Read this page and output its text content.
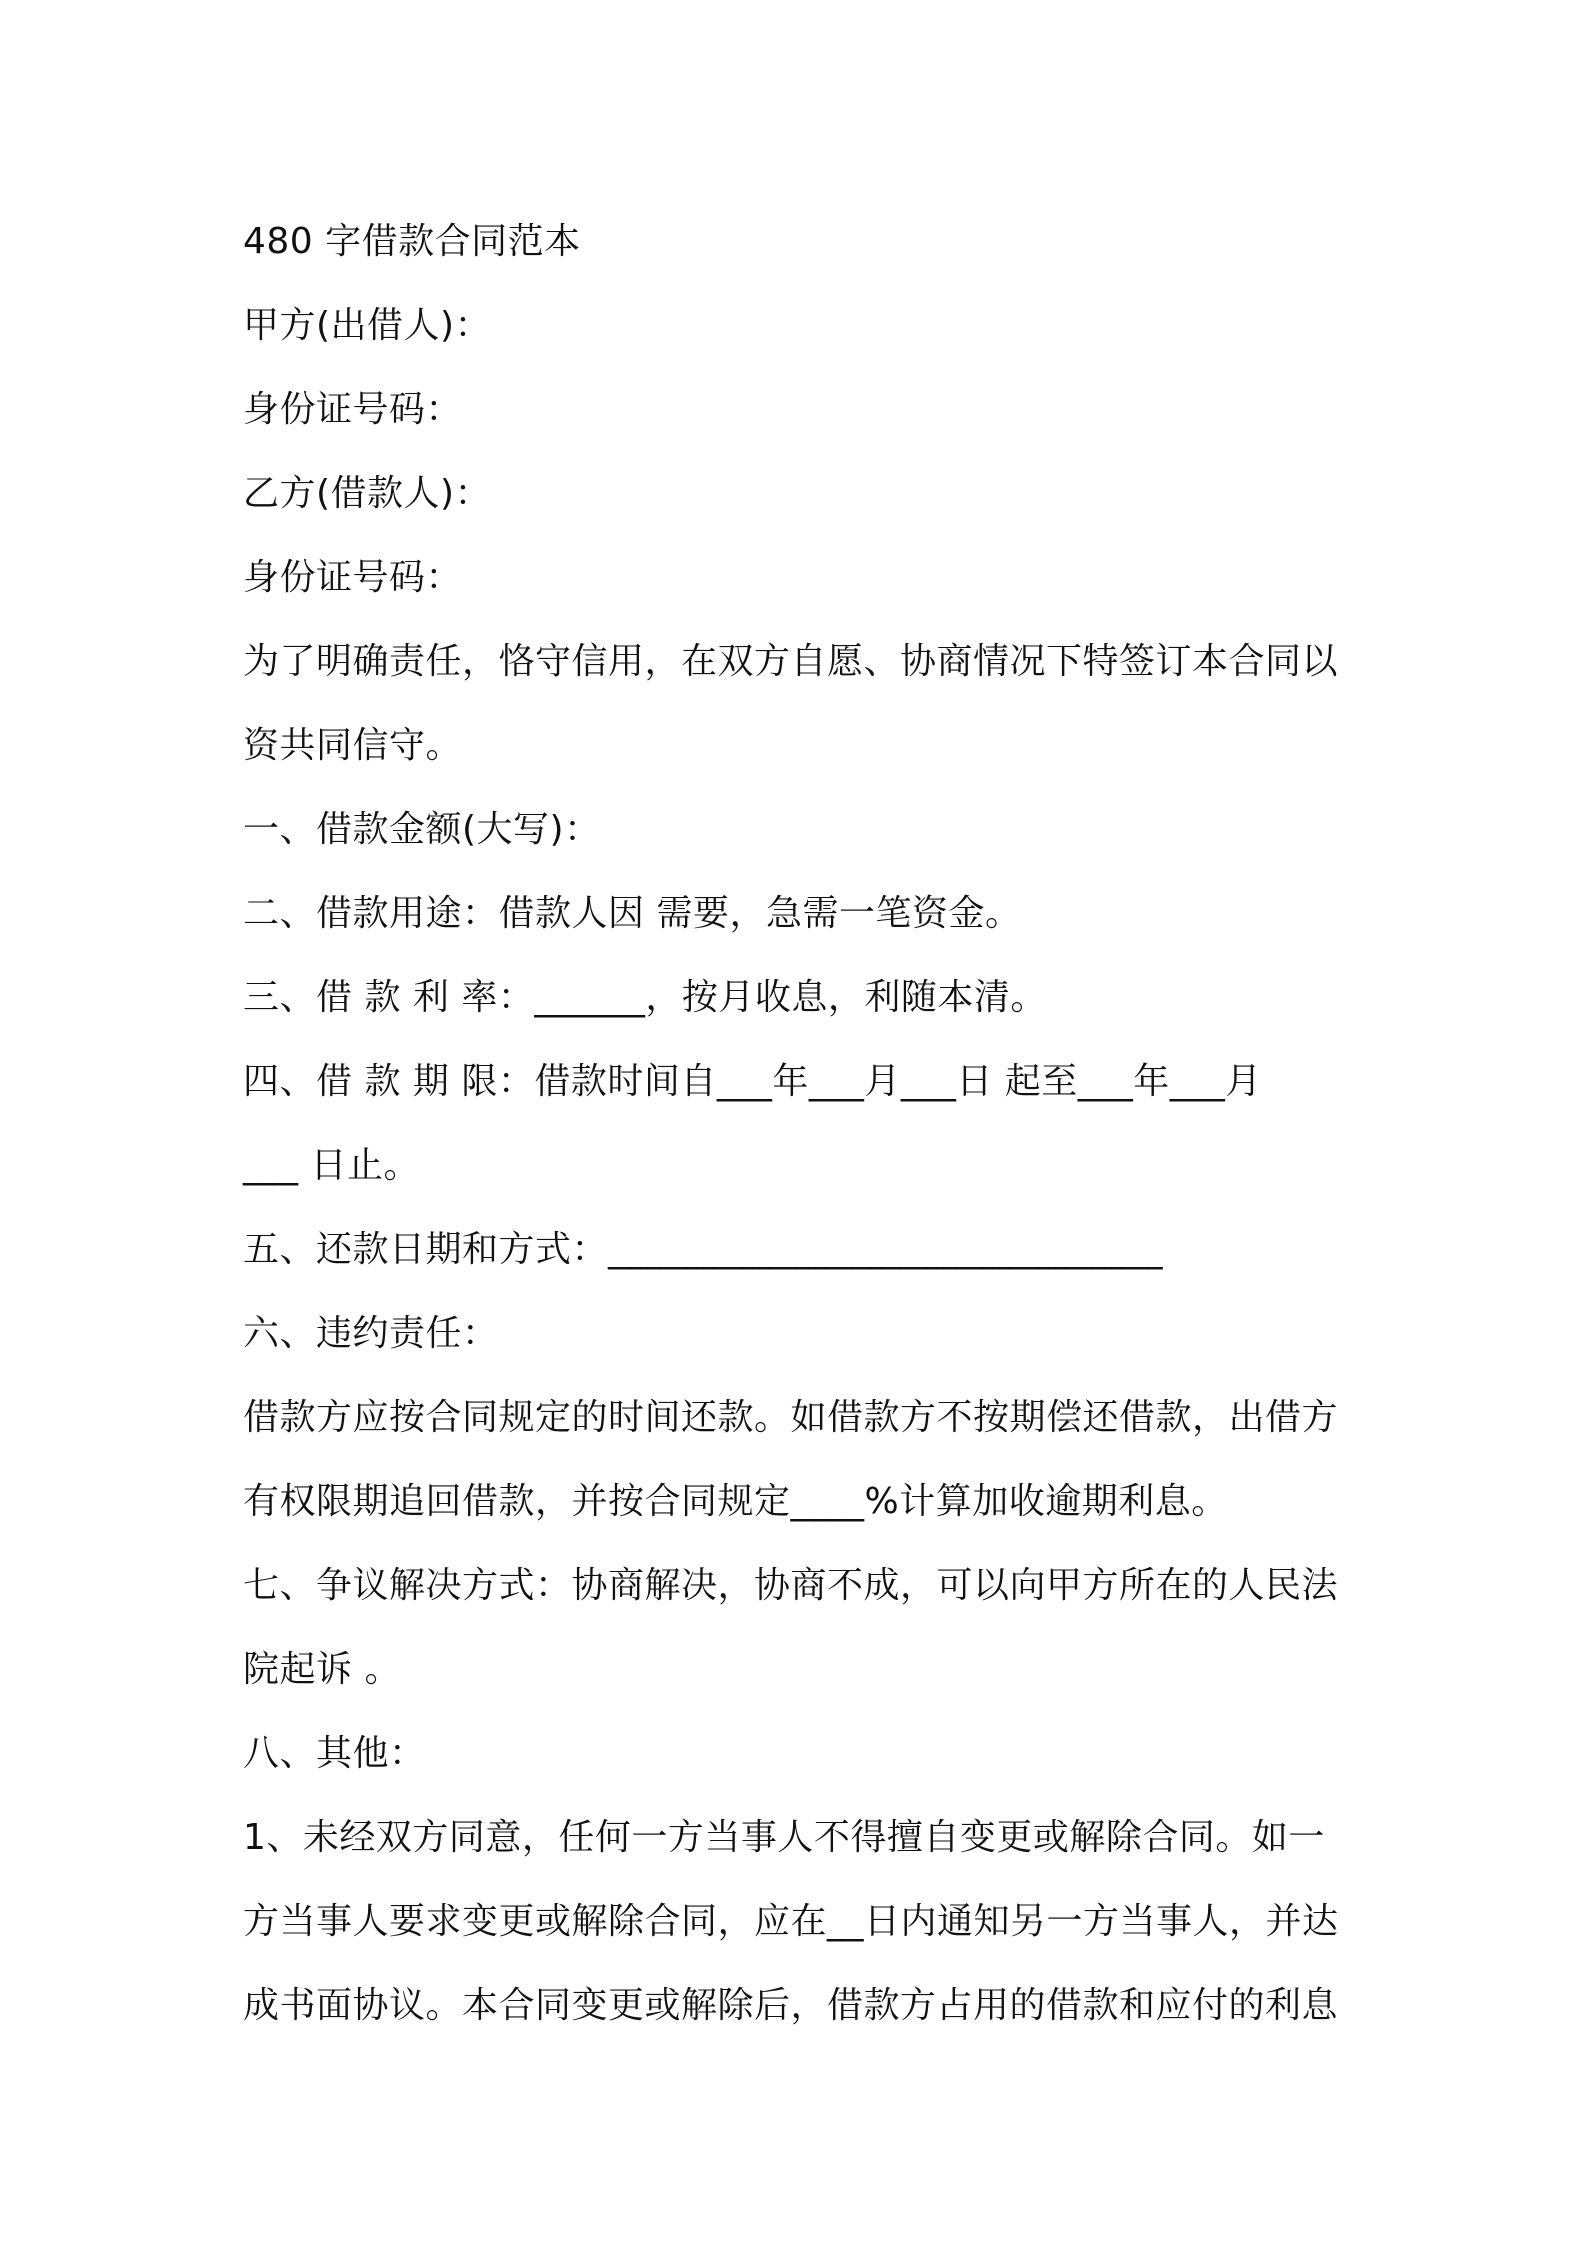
480 字借款合同范本
甲方(出借人)：
身份证号码：
乙方(借款人)：
身份证号码：
为了明确责任，恪守信用，在双方自愿、协商情况下特签订本合同以
资共同信守。
一、借款金额(大写)：
二、借款用途：借款人因 需要，急需一笔资金。
三、借 款 利 率：______，按月收息，利随本清。
四、借 款 期 限：借款时间自___年___月___日 起至___年___月
___ 日止。
五、还款日期和方式：______________________________
六、违约责任：
借款方应按合同规定的时间还款。如借款方不按期偿还借款，出借方
有权限期追回借款，并按合同规定____%计算加收逾期利息。
七、争议解决方式：协商解决，协商不成，可以向甲方所在的人民法
院起诉 。
八、其他：
1、未经双方同意，任何一方当事人不得擅自变更或解除合同。如一
方当事人要求变更或解除合同，应在__日内通知另一方当事人，并达
成书面协议。本合同变更或解除后，借款方占用的借款和应付的利息
